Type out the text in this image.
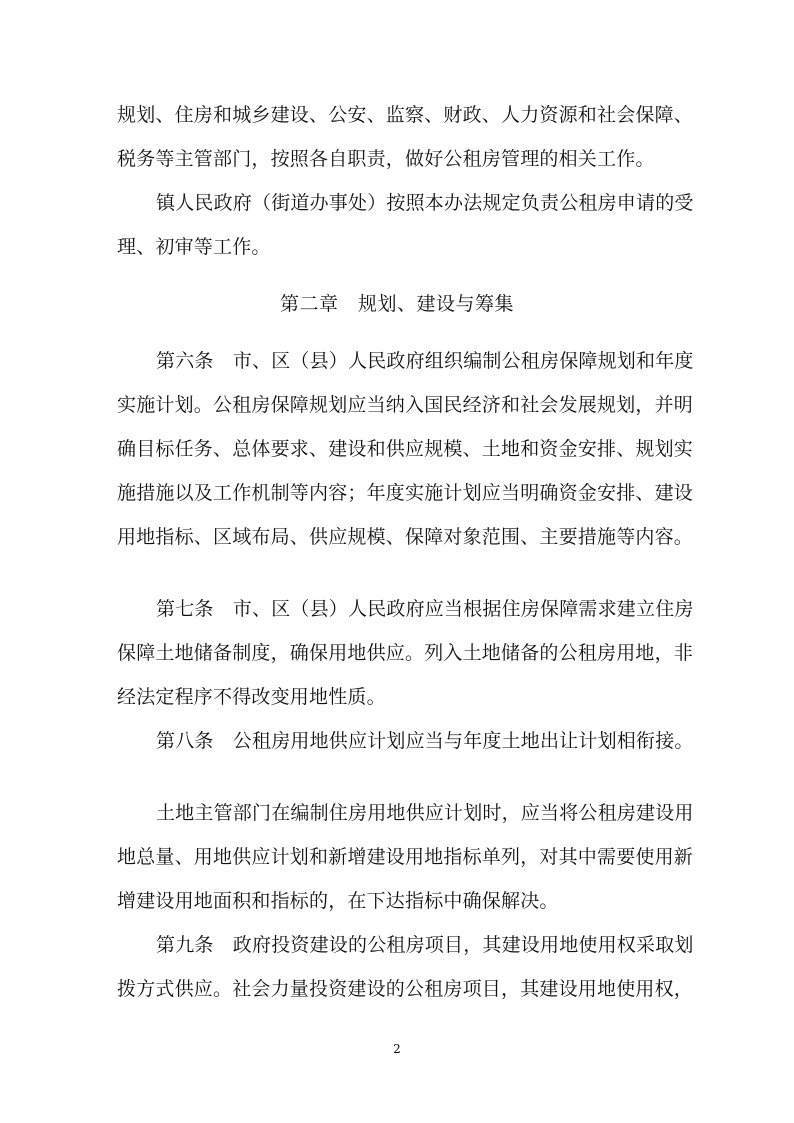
规划、住房和城乡建设、公安、监察、财政、人力资源和社会保障、
税务等主管部门，按照各自职责，做好公租房管理的相关工作。
镇人民政府（街道办事处）按照本办法规定负责公租房申请的受
理、初审等工作。
第二章　规划、建设与筹集
第六条　市、区（县）人民政府组织编制公租房保障规划和年度
实施计划。公租房保障规划应当纳入国民经济和社会发展规划，并明
确目标任务、总体要求、建设和供应规模、土地和资金安排、规划实
施措施以及工作机制等内容；年度实施计划应当明确资金安排、建设
用地指标、区域布局、供应规模、保障对象范围、主要措施等内容。
第七条　市、区（县）人民政府应当根据住房保障需求建立住房
保障土地储备制度，确保用地供应。列入土地储备的公租房用地，非
经法定程序不得改变用地性质。
第八条　公租房用地供应计划应当与年度土地出让计划相衔接。
土地主管部门在编制住房用地供应计划时，应当将公租房建设用
地总量、用地供应计划和新增建设用地指标单列，对其中需要使用新
增建设用地面积和指标的，在下达指标中确保解决。
第九条　政府投资建设的公租房项目，其建设用地使用权采取划
拨方式供应。社会力量投资建设的公租房项目，其建设用地使用权，
2
